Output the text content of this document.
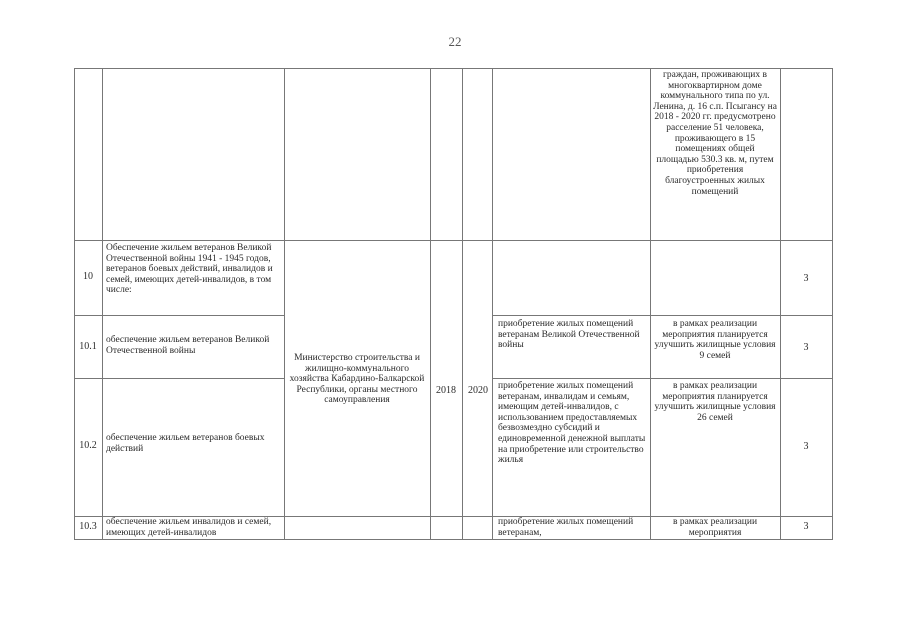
22
граждан, проживающих в многоквартирном доме коммунального типа по ул. Ленина, д. 16 с.п. Псыгансу на 2018 - 2020 гг. предусмотрено расселение 51 человека, проживающего в 15 помещениях общей площадью 530.3 кв. м, путем приобретения благоустроенных жилых помещений
10
Обеспечение жильем ветеранов Великой Отечественной войны 1941 - 1945 годов, ветеранов боевых действий, инвалидов и семей, имеющих детей-инвалидов, в том числе:
3
Министерство строительства и жилищно-коммунального хозяйства Кабардино-Балкарской Республики, органы местного самоуправления
2018	2020
10.1
обеспечение жильем ветеранов Великой Отечественной войны
приобретение жилых помещений ветеранам Великой Отечественной войны
в рамках реализации мероприятия планируется улучшить жилищные условия 9 семей
3
10.2
обеспечение жильем ветеранов боевых действий
приобретение жилых помещений ветеранам, инвалидам и семьям, имеющим детей-инвалидов, с использованием предоставляемых безвозмездно субсидий и единовременной денежной выплаты на приобретение или строительство жилья
в рамках реализации мероприятия планируется улучшить жилищные условия 26 семей
3
10.3 обеспечение жильем инвалидов и семей, имеющих детей-инвалидов
приобретение жилых помещений ветеранам,
в рамках реализации мероприятия
3
